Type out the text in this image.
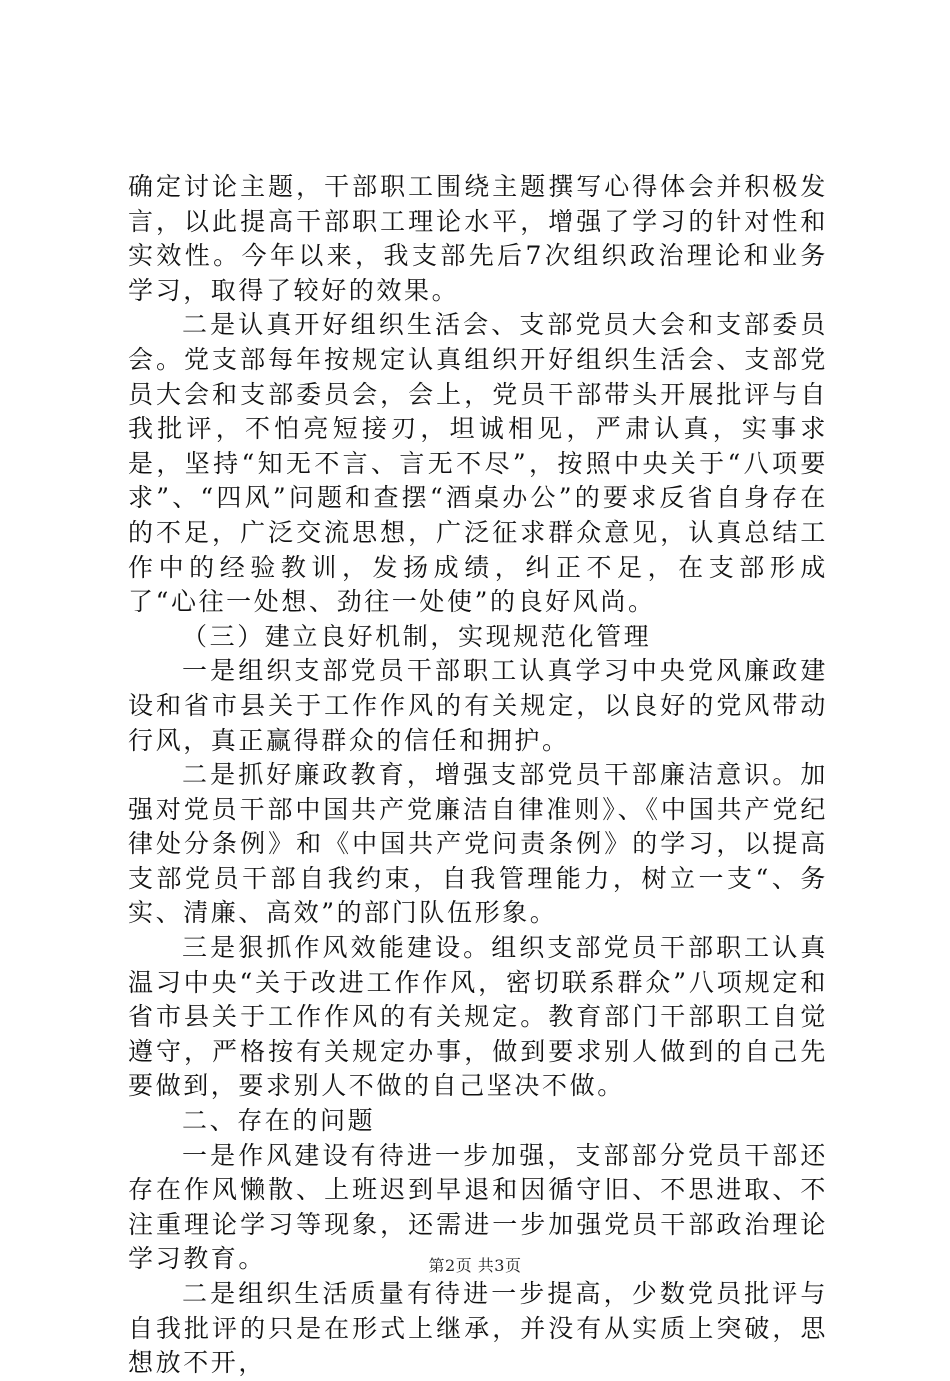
确定讨论主题，干部职工围绕主题撰写心得体会并积极发言，以此提高干部职工理论水平，增强了学习的针对性和实效性。今年以来，我支部先后7次组织政治理论和业务学习，取得了较好的效果。

二是认真开好组织生活会、支部党员大会和支部委员会。党支部每年按规定认真组织开好组织生活会、支部党员大会和支部委员会，会上，党员干部带头开展批评与自我批评，不怕亮短接刃，坦诚相见，严肃认真，实事求是，坚持“知无不言、言无不尽”，按照中央关于“八项要求”、“四风”问题和查摆“酒桌办公”的要求反省自身存在的不足，广泛交流思想，广泛征求群众意见，认真总结工作中的经验教训，发扬成绩，纠正不足，在支部形成了“心往一处想、劲往一处使”的良好风尚。

（三）建立良好机制，实现规范化管理

一是组织支部党员干部职工认真学习中央党风廉政建设和省市县关于工作作风的有关规定，以良好的党风带动行风，真正赢得群众的信任和拥护。

二是抓好廉政教育，增强支部党员干部廉洁意识。加强对党员干部中国共产党廉洁自律准则》、《中国共产党纪律处分条例》和《中国共产党问责条例》的学习，以提高支部党员干部自我约束，自我管理能力，树立一支“、务实、清廉、高效”的部门队伍形象。

三是狠抓作风效能建设。组织支部党员干部职工认真温习中央“关于改进工作作风，密切联系群众”八项规定和省市县关于工作作风的有关规定。教育部门干部职工自觉遵守，严格按有关规定办事，做到要求别人做到的自己先要做到，要求别人不做的自己坚决不做。

二、存在的问题

一是作风建设有待进一步加强，支部部分党员干部还存在作风懒散、上班迟到早退和因循守旧、不思进取、不注重理论学习等现象，还需进一步加强党员干部政治理论学习教育。

二是组织生活质量有待进一步提高，少数党员批评与自我批评的只是在形式上继承，并没有从实质上突破，思想放不开，

第2页 共3页
